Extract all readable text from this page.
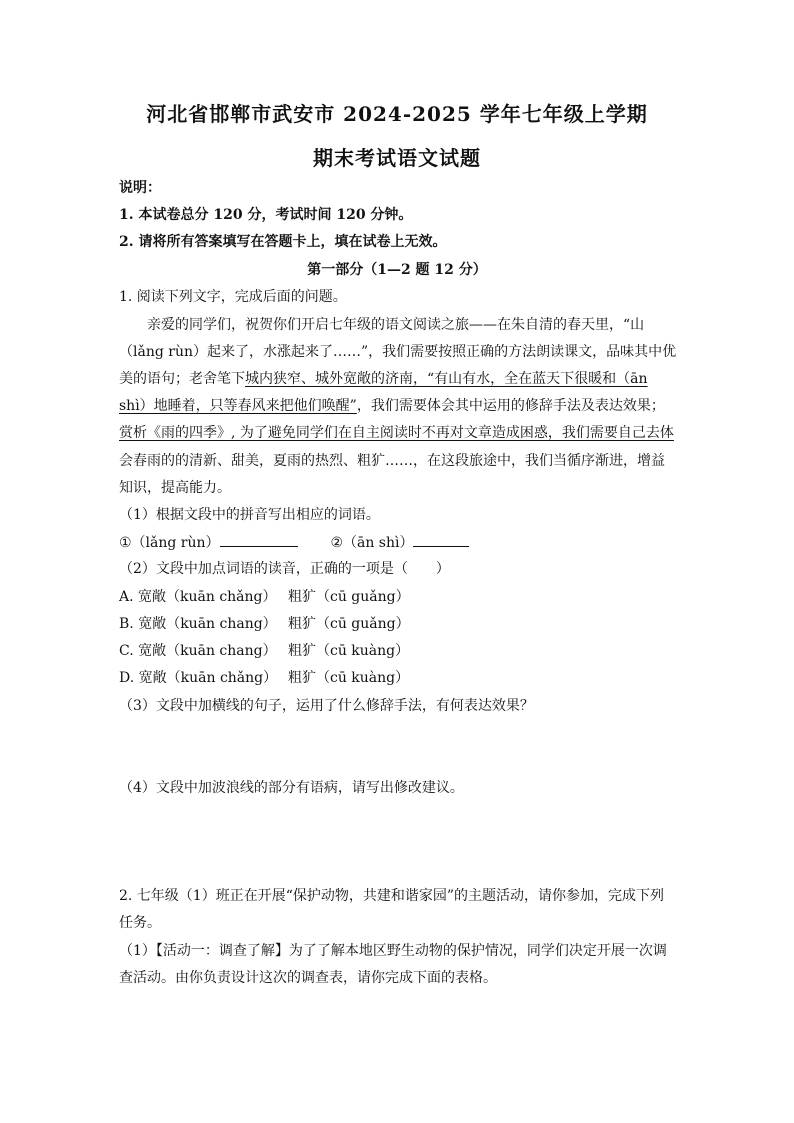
河北省邯郸市武安市 2024-2025 学年七年级上学期
期末考试语文试题
说明：
1. 本试卷总分 120 分，考试时间 120 分钟。
2. 请将所有答案填写在答题卡上，填在试卷上无效。
第一部分（1—2 题 12 分）
1. 阅读下列文字，完成后面的问题。
亲爱的同学们，祝贺你们开启七年级的语文阅读之旅——在朱自清的春天里，“山
（lǎng rùn）起来了，水涨起来了……”，我们需要按照正确的方法朗读课文，品味其中优
美的语句；老舍笔下城内狭窄、城外宽敞的济南，“有山有水，全在蓝天下很暖和（ān
shì）地睡着，只等春风来把他们唤醒”，我们需要体会其中运用的修辞手法及表达效果；
赏析《雨的四季》, 为了避免同学们在自主阅读时不再对文章造成困惑，我们需要自己去体
会春雨的的清新、甜美，夏雨的热烈、粗犷……，在这段旅途中，我们当循序渐进，增益
知识，提高能力。
（1）根据文段中的拼音写出相应的词语。
①（lǎng rùn）	②（ān shì）
（2）文段中加点词语的读音，正确的一项是（　　）
A. 宽敞（kuān chǎng） 粗犷（cū guǎng）
B. 宽敞（kuān chang） 粗犷（cū guǎng）
C. 宽敞（kuān chang） 粗犷（cū kuàng）
D. 宽敞（kuān chǎng） 粗犷（cū kuàng）
（3）文段中加横线的句子，运用了什么修辞手法，有何表达效果？
（4）文段中加波浪线的部分有语病，请写出修改建议。
2. 七年级（1）班正在开展“保护动物，共建和谐家园”的主题活动，请你参加，完成下列
任务。
（1）【活动一：调查了解】为了了解本地区野生动物的保护情况，同学们决定开展一次调
查活动。由你负责设计这次的调查表，请你完成下面的表格。
